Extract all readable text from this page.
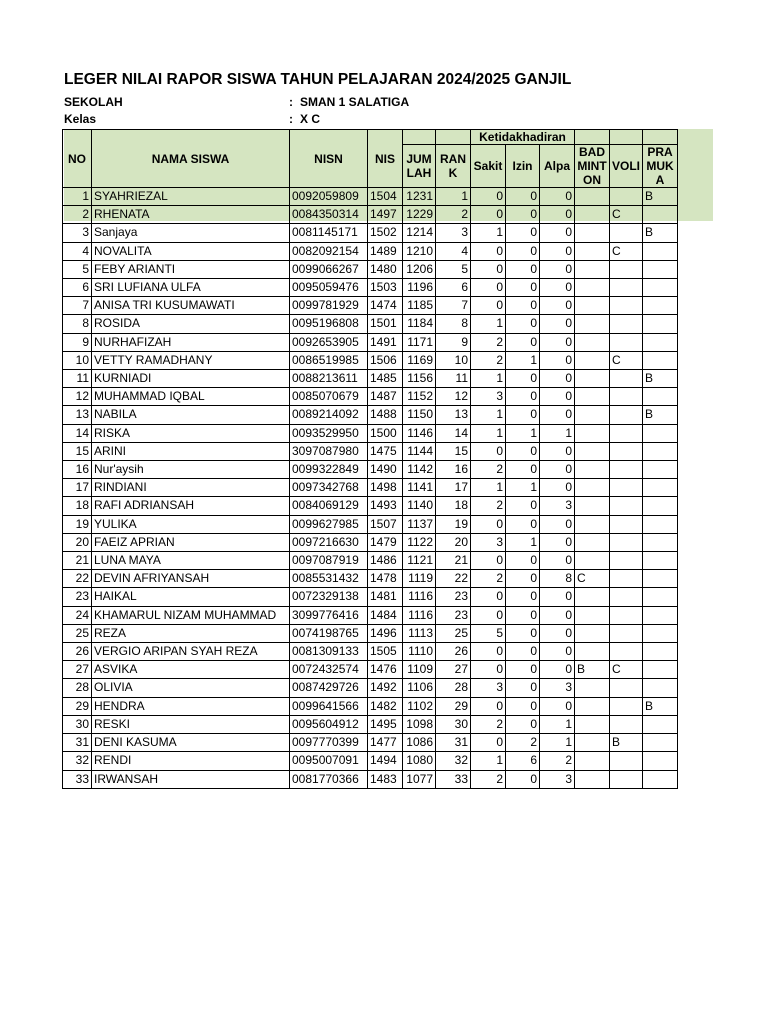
LEGER NILAI RAPOR SISWA TAHUN PELAJARAN 2024/2025 GANJIL
SEKOLAH	: SMAN 1 SALATIGA
Kelas	: X C
NO	NAMA SISWA	NISN	NIS			Ketidakhadiran					
				JUMLAH	RANK				BADMINTON	VOLI	PRAMUKA
						Sakit	Izin	Alpa			
1	SYAHRIEZAL	0092059809	1504	1231	1	0	0	0			B
2	RHENATA	0084350314	1497	1229	2	0	0	0		C	
3	Sanjaya	0081145171	1502	1214	3	1	0	0			B
4	NOVALITA	0082092154	1489	1210	4	0	0	0		C	
5	FEBY ARIANTI	0099066267	1480	1206	5	0	0	0			
6	SRI LUFIANA ULFA	0095059476	1503	1196	6	0	0	0			
7	ANISA TRI KUSUMAWATI	0099781929	1474	1185	7	0	0	0			
8	ROSIDA	0095196808	1501	1184	8	1	0	0			
9	NURHAFIZAH	0092653905	1491	1171	9	2	0	0			
10	VETTY RAMADHANY	0086519985	1506	1169	10	2	1	0		C	
11	KURNIADI	0088213611	1485	1156	11	1	0	0			B
12	MUHAMMAD IQBAL	0085070679	1487	1152	12	3	0	0			
13	NABILA	0089214092	1488	1150	13	1	0	0			B
14	RISKA	0093529950	1500	1146	14	1	1	1			
15	ARINI	3097087980	1475	1144	15	0	0	0			
16	Nur'aysih	0099322849	1490	1142	16	2	0	0			
17	RINDIANI	0097342768	1498	1141	17	1	1	0			
18	RAFI ADRIANSAH	0084069129	1493	1140	18	2	0	3			
19	YULIKA	0099627985	1507	1137	19	0	0	0			
20	FAEIZ APRIAN	0097216630	1479	1122	20	3	1	0			
21	LUNA MAYA	0097087919	1486	1121	21	0	0	0			
22	DEVIN AFRIYANSAH	0085531432	1478	1119	22	2	0	8	C		
23	HAIKAL	0072329138	1481	1116	23	0	0	0			
24	KHAMARUL NIZAM MUHAMMAD	3099776416	1484	1116	23	0	0	0			
25	REZA	0074198765	1496	1113	25	5	0	0			
26	VERGIO ARIPAN SYAH REZA	0081309133	1505	1110	26	0	0	0			
27	ASVIKA	0072432574	1476	1109	27	0	0	0	B	C	
28	OLIVIA	0087429726	1492	1106	28	3	0	3			
29	HENDRA	0099641566	1482	1102	29	0	0	0			B
30	RESKI	0095604912	1495	1098	30	2	0	1			
31	DENI KASUMA	0097770399	1477	1086	31	0	2	1		B	
32	RENDI	0095007091	1494	1080	32	1	6	2			
33	IRWANSAH	0081770366	1483	1077	33	2	0	3			
